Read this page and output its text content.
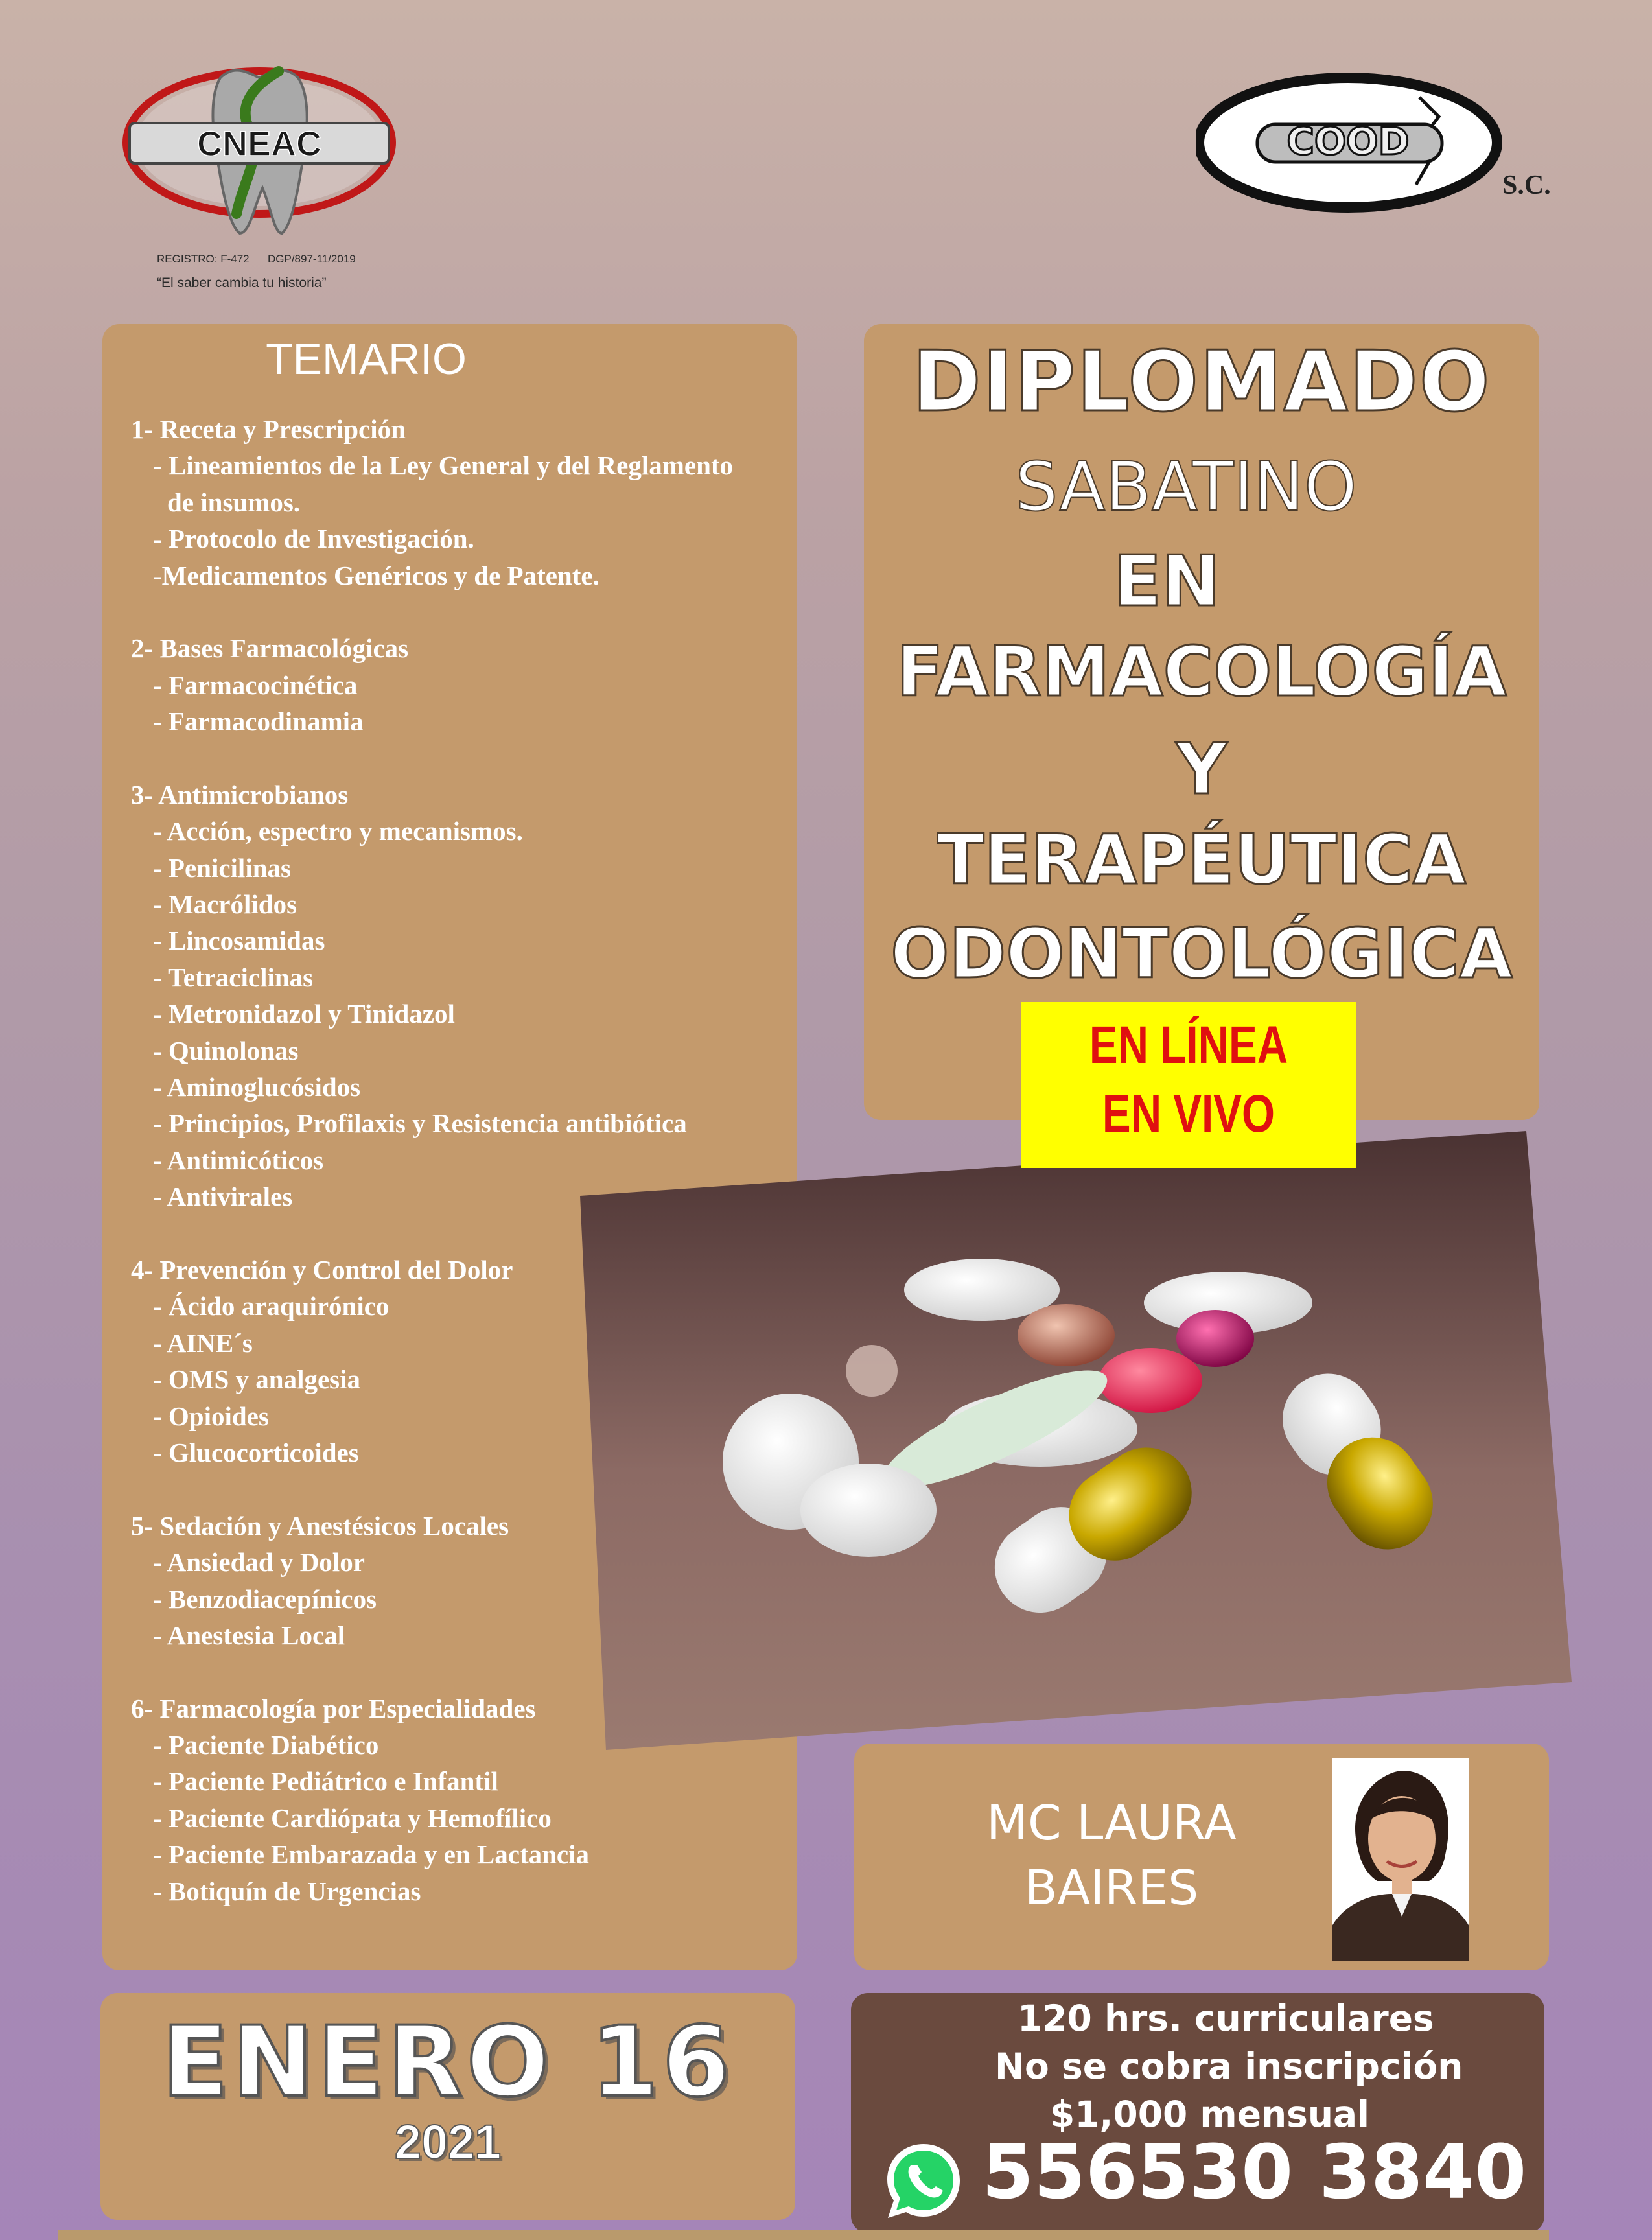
CNEAC
REGISTRO: F-472      DGP/897-11/2019
“El saber cambia tu historia”
COOD
S.C.
TEMARIO
1- Receta y Prescripción
- Lineamientos de la Ley General y del Reglamento
de insumos.
- Protocolo de Investigación.
-Medicamentos Genéricos y de Patente.
2- Bases Farmacológicas
- Farmacocinética
- Farmacodinamia
3- Antimicrobianos
- Acción, espectro y mecanismos.
- Penicilinas
- Macrólidos
- Lincosamidas
- Tetraciclinas
- Metronidazol y Tinidazol
- Quinolonas
- Aminoglucósidos
- Principios, Profilaxis y Resistencia antibiótica
- Antimicóticos
- Antivirales
4- Prevención y Control del Dolor
- Ácido araquirónico
- AINE´s
- OMS y analgesia
- Opioides
- Glucocorticoides
5- Sedación y Anestésicos Locales
- Ansiedad y Dolor
- Benzodiacepínicos
- Anestesia Local
6- Farmacología por Especialidades
- Paciente Diabético
- Paciente Pediátrico e Infantil
- Paciente Cardiópata y Hemofílico
- Paciente Embarazada y en Lactancia
- Botiquín de Urgencias
DIPLOMADO
SABATINO
EN
FARMACOLOGÍA
Y
TERAPÉUTICA
ODONTOLÓGICA
EN LÍNEA
EN VIVO
MC LAURA
BAIRES
ENERO 16
2021
120 hrs. curriculares
No se cobra inscripción
$1,000 mensual
556530 3840
